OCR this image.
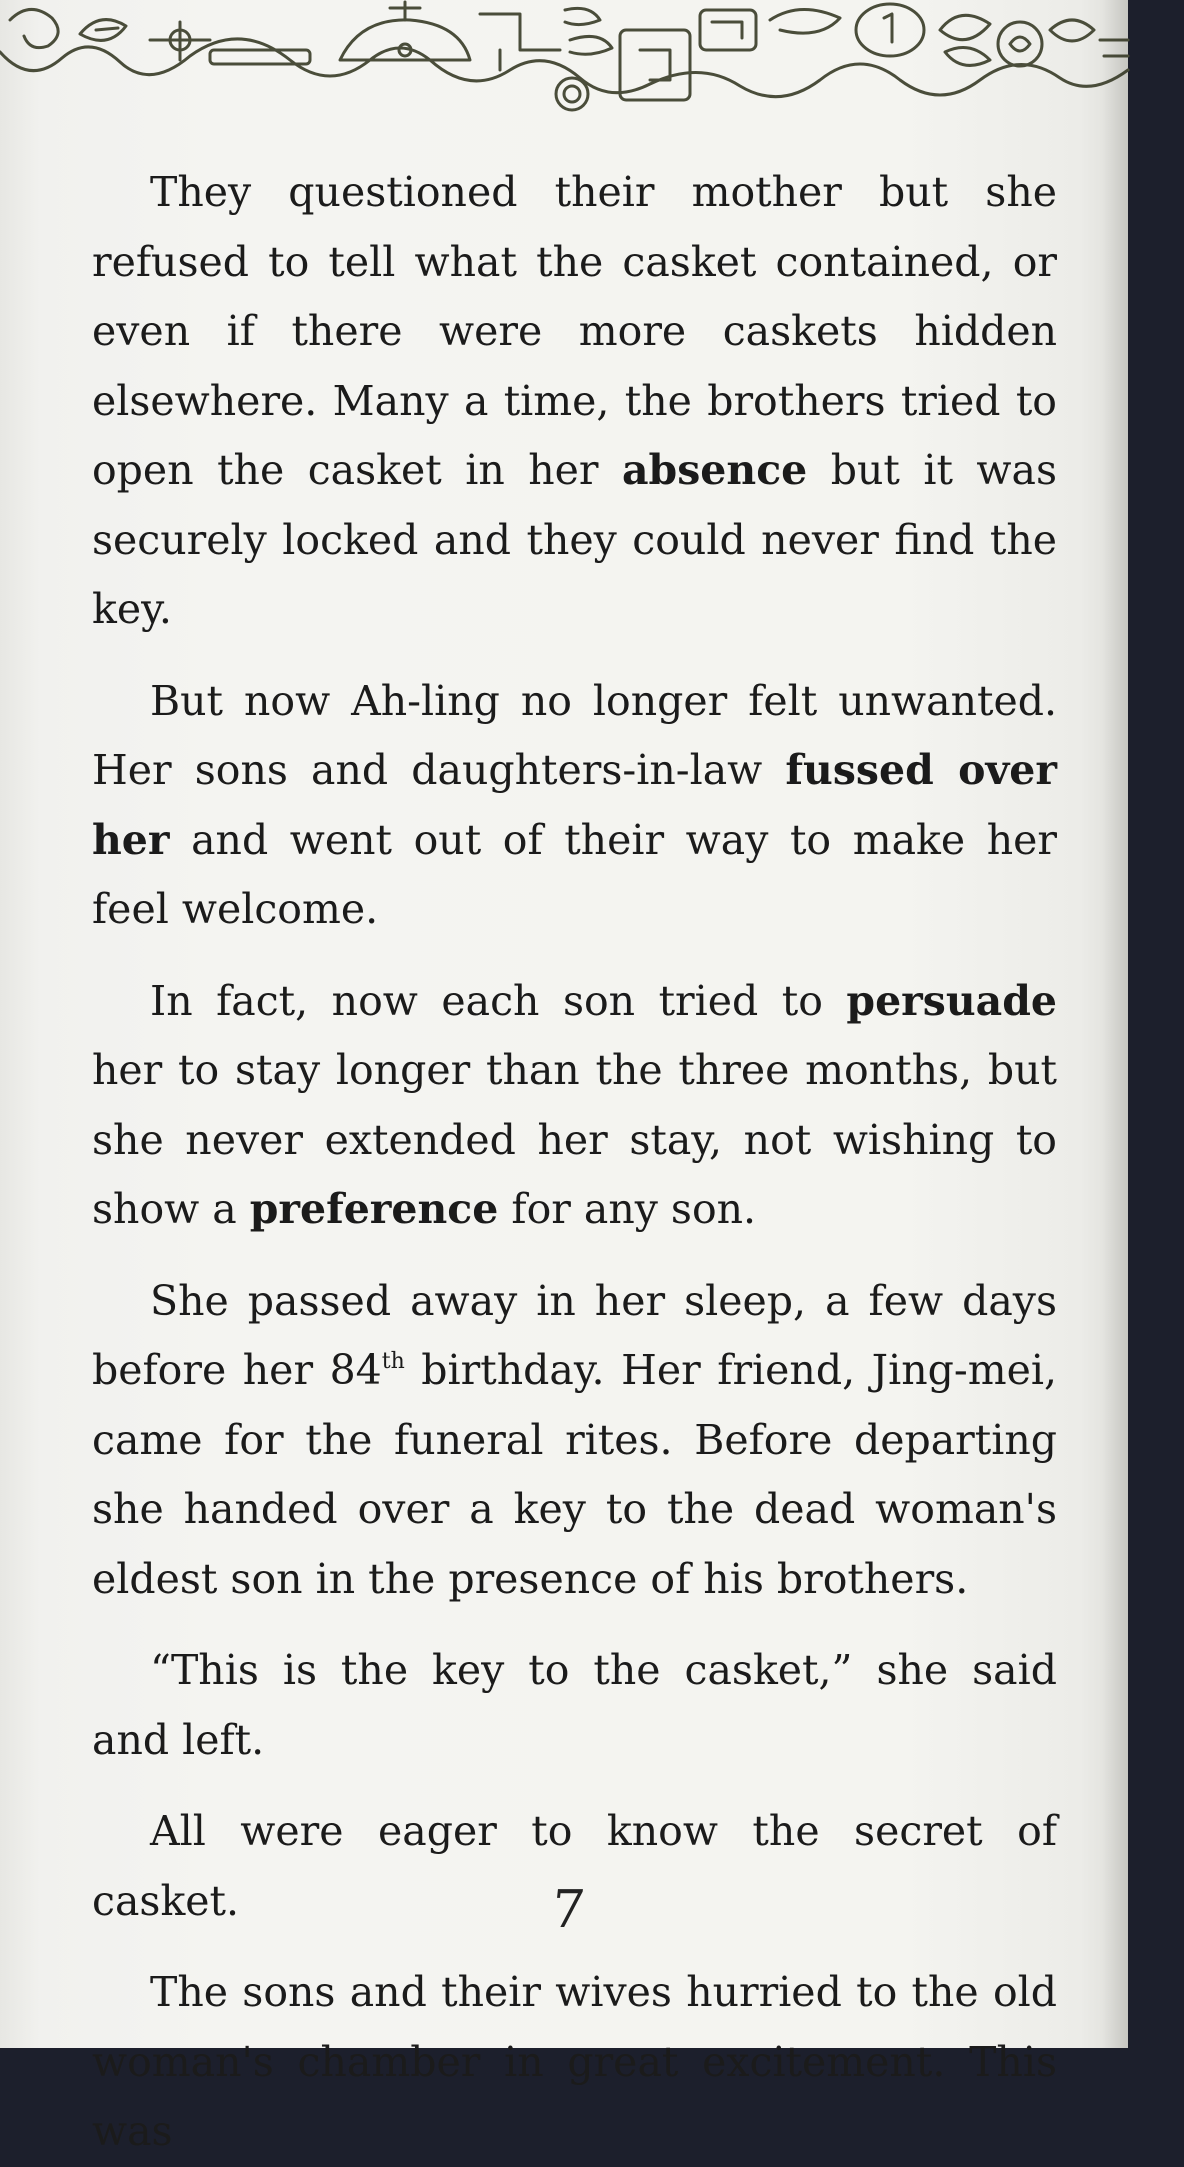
They questioned their mother but she refused to tell what the casket contained, or even if there were more caskets hidden elsewhere. Many a time, the brothers tried to open the casket in her absence but it was securely locked and they could never find the key.

But now Ah-ling no longer felt unwanted. Her sons and daughters-in-law fussed over her and went out of their way to make her feel welcome.

In fact, now each son tried to persuade her to stay longer than the three months, but she never extended her stay, not wishing to show a preference for any son.

She passed away in her sleep, a few days before her 84th birthday. Her friend, Jing-mei, came for the funeral rites. Before departing she handed over a key to the dead woman's eldest son in the presence of his brothers.

“This is the key to the casket,” she said and left.

All were eager to know the secret of casket.

The sons and their wives hurried to the old woman's chamber in great excitement. This was

7
